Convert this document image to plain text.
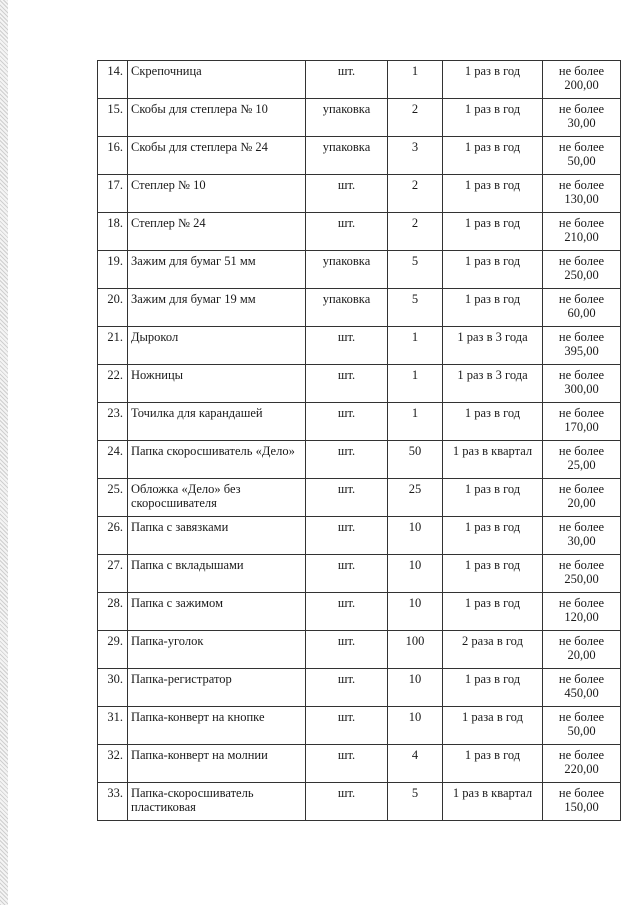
14.	Скрепочница	шт.	1	1 раз в год	не более
200,00

15.	Скобы для степлера № 10	упаковка	2	1 раз в год	не более
30,00

16.	Скобы для степлера № 24	упаковка	3	1 раз в год	не более
50,00

17.	Степлер № 10	шт.	2	1 раз в год	не более
130,00

18.	Степлер № 24	шт.	2	1 раз в год	не более
210,00

19.	Зажим для бумаг 51 мм	упаковка	5	1 раз в год	не более
250,00

20.	Зажим для бумаг 19 мм	упаковка	5	1 раз в год	не более
60,00

21.	Дырокол	шт.	1	1 раз в 3 года	не более
395,00

22.	Ножницы	шт.	1	1 раз в 3 года	не более
300,00

23.	Точилка для карандашей	шт.	1	1 раз в год	не более
170,00

24.	Папка скоросшиватель «Дело»	шт.	50	1 раз в квартал	не более
25,00

25.	Обложка «Дело» без скоросшивателя	шт.	25	1 раз в год	не более
20,00

26.	Папка с завязками	шт.	10	1 раз в год	не более
30,00

27.	Папка с вкладышами	шт.	10	1 раз в год	не более
250,00

28.	Папка с зажимом	шт.	10	1 раз в год	не более
120,00

29.	Папка-уголок	шт.	100	2 раза в год	не более
20,00

30.	Папка-регистратор	шт.	10	1 раз в год	не более
450,00

31.	Папка-конверт на кнопке	шт.	10	1 раза в год	не более
50,00

32.	Папка-конверт на молнии	шт.	4	1 раз в год	не более
220,00

33.	Папка-скоросшиватель пластиковая	шт.	5	1 раз в квартал	не более
150,00
